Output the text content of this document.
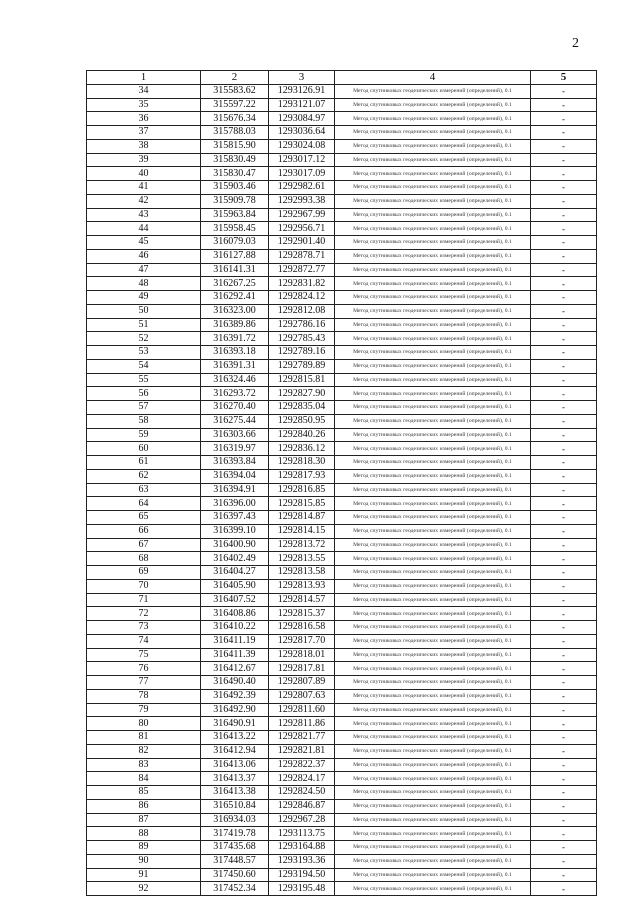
2
1	2	3	4	5
34	315583.62	1293126.91	Метод спутниковых геодезических измерений (определений), 0.1	-
35	315597.22	1293121.07	Метод спутниковых геодезических измерений (определений), 0.1	-
36	315676.34	1293084.97	Метод спутниковых геодезических измерений (определений), 0.1	-
37	315788.03	1293036.64	Метод спутниковых геодезических измерений (определений), 0.1	-
38	315815.90	1293024.08	Метод спутниковых геодезических измерений (определений), 0.1	-
39	315830.49	1293017.12	Метод спутниковых геодезических измерений (определений), 0.1	-
40	315830.47	1293017.09	Метод спутниковых геодезических измерений (определений), 0.1	-
41	315903.46	1292982.61	Метод спутниковых геодезических измерений (определений), 0.1	-
42	315909.78	1292993.38	Метод спутниковых геодезических измерений (определений), 0.1	-
43	315963.84	1292967.99	Метод спутниковых геодезических измерений (определений), 0.1	-
44	315958.45	1292956.71	Метод спутниковых геодезических измерений (определений), 0.1	-
45	316079.03	1292901.40	Метод спутниковых геодезических измерений (определений), 0.1	-
46	316127.88	1292878.71	Метод спутниковых геодезических измерений (определений), 0.1	-
47	316141.31	1292872.77	Метод спутниковых геодезических измерений (определений), 0.1	-
48	316267.25	1292831.82	Метод спутниковых геодезических измерений (определений), 0.1	-
49	316292.41	1292824.12	Метод спутниковых геодезических измерений (определений), 0.1	-
50	316323.00	1292812.08	Метод спутниковых геодезических измерений (определений), 0.1	-
51	316389.86	1292786.16	Метод спутниковых геодезических измерений (определений), 0.1	-
52	316391.72	1292785.43	Метод спутниковых геодезических измерений (определений), 0.1	-
53	316393.18	1292789.16	Метод спутниковых геодезических измерений (определений), 0.1	-
54	316391.31	1292789.89	Метод спутниковых геодезических измерений (определений), 0.1	-
55	316324.46	1292815.81	Метод спутниковых геодезических измерений (определений), 0.1	-
56	316293.72	1292827.90	Метод спутниковых геодезических измерений (определений), 0.1	-
57	316270.40	1292835.04	Метод спутниковых геодезических измерений (определений), 0.1	-
58	316275.44	1292850.95	Метод спутниковых геодезических измерений (определений), 0.1	-
59	316303.66	1292840.26	Метод спутниковых геодезических измерений (определений), 0.1	-
60	316319.97	1292836.12	Метод спутниковых геодезических измерений (определений), 0.1	-
61	316393.84	1292818.30	Метод спутниковых геодезических измерений (определений), 0.1	-
62	316394.04	1292817.93	Метод спутниковых геодезических измерений (определений), 0.1	-
63	316394.91	1292816.85	Метод спутниковых геодезических измерений (определений), 0.1	-
64	316396.00	1292815.85	Метод спутниковых геодезических измерений (определений), 0.1	-
65	316397.43	1292814.87	Метод спутниковых геодезических измерений (определений), 0.1	-
66	316399.10	1292814.15	Метод спутниковых геодезических измерений (определений), 0.1	-
67	316400.90	1292813.72	Метод спутниковых геодезических измерений (определений), 0.1	-
68	316402.49	1292813.55	Метод спутниковых геодезических измерений (определений), 0.1	-
69	316404.27	1292813.58	Метод спутниковых геодезических измерений (определений), 0.1	-
70	316405.90	1292813.93	Метод спутниковых геодезических измерений (определений), 0.1	-
71	316407.52	1292814.57	Метод спутниковых геодезических измерений (определений), 0.1	-
72	316408.86	1292815.37	Метод спутниковых геодезических измерений (определений), 0.1	-
73	316410.22	1292816.58	Метод спутниковых геодезических измерений (определений), 0.1	-
74	316411.19	1292817.70	Метод спутниковых геодезических измерений (определений), 0.1	-
75	316411.39	1292818.01	Метод спутниковых геодезических измерений (определений), 0.1	-
76	316412.67	1292817.81	Метод спутниковых геодезических измерений (определений), 0.1	-
77	316490.40	1292807.89	Метод спутниковых геодезических измерений (определений), 0.1	-
78	316492.39	1292807.63	Метод спутниковых геодезических измерений (определений), 0.1	-
79	316492.90	1292811.60	Метод спутниковых геодезических измерений (определений), 0.1	-
80	316490.91	1292811.86	Метод спутниковых геодезических измерений (определений), 0.1	-
81	316413.22	1292821.77	Метод спутниковых геодезических измерений (определений), 0.1	-
82	316412.94	1292821.81	Метод спутниковых геодезических измерений (определений), 0.1	-
83	316413.06	1292822.37	Метод спутниковых геодезических измерений (определений), 0.1	-
84	316413.37	1292824.17	Метод спутниковых геодезических измерений (определений), 0.1	-
85	316413.38	1292824.50	Метод спутниковых геодезических измерений (определений), 0.1	-
86	316510.84	1292846.87	Метод спутниковых геодезических измерений (определений), 0.1	-
87	316934.03	1292967.28	Метод спутниковых геодезических измерений (определений), 0.1	-
88	317419.78	1293113.75	Метод спутниковых геодезических измерений (определений), 0.1	-
89	317435.68	1293164.88	Метод спутниковых геодезических измерений (определений), 0.1	-
90	317448.57	1293193.36	Метод спутниковых геодезических измерений (определений), 0.1	-
91	317450.60	1293194.50	Метод спутниковых геодезических измерений (определений), 0.1	-
92	317452.34	1293195.48	Метод спутниковых геодезических измерений (определений), 0.1	-
